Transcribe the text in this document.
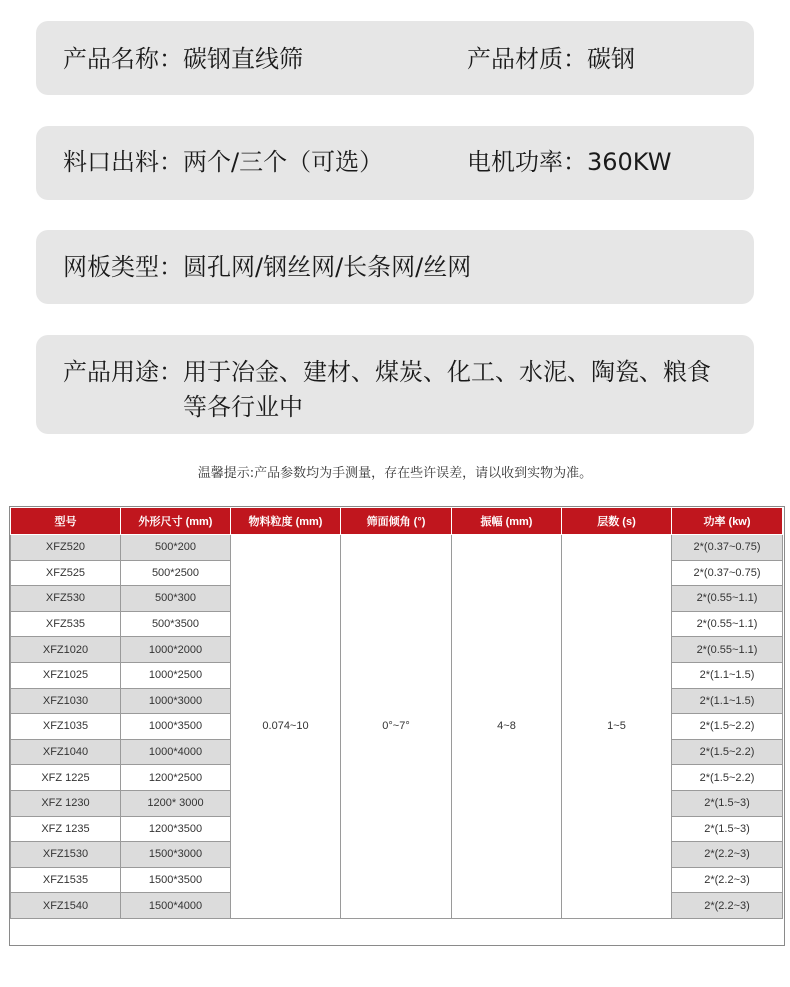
产品名称：碳钢直线筛	产品材质：碳钢
料口出料：两个/三个（可选）	电机功率：360KW
网板类型：圆孔网/钢丝网/长条网/丝网
产品用途：用于冶金、建材、煤炭、化工、水泥、陶瓷、粮食
等各行业中
温馨提示:产品参数均为手测量，存在些许误差，请以收到实物为准。
型号	外形尺寸 (mm)	物料粒度 (mm)	筛面倾角 (°)	振幅 (mm)	层数 (s)	功率 (kw)
XFZ520	500*200	0.074~10	0°~7°	4~8	1~5	2*(0.37~0.75)
XFZ525	500*2500					2*(0.37~0.75)
XFZ530	500*300					2*(0.55~1.1)
XFZ535	500*3500					2*(0.55~1.1)
XFZ1020	1000*2000					2*(0.55~1.1)
XFZ1025	1000*2500					2*(1.1~1.5)
XFZ1030	1000*3000					2*(1.1~1.5)
XFZ1035	1000*3500					2*(1.5~2.2)
XFZ1040	1000*4000					2*(1.5~2.2)
XFZ 1225	1200*2500					2*(1.5~2.2)
XFZ 1230	1200* 3000					2*(1.5~3)
XFZ 1235	1200*3500					2*(1.5~3)
XFZ1530	1500*3000					2*(2.2~3)
XFZ1535	1500*3500					2*(2.2~3)
XFZ1540	1500*4000					2*(2.2~3)
